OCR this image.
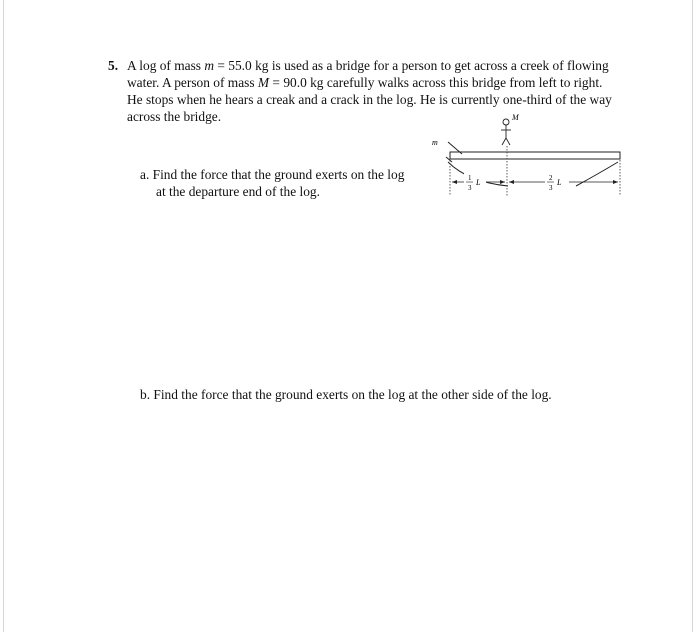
5. A log of mass m = 55.0 kg is used as a bridge for a person to get across a creek of flowing
water. A person of mass M = 90.0 kg carefully walks across this bridge from left to right.
He stops when he hears a creak and a crack in the log. He is currently one-third of the way
across the bridge.
m
M
1
3
L	2
3
L
a. Find the force that the ground exerts on the log
at the departure end of the log.
b. Find the force that the ground exerts on the log at the other side of the log.
